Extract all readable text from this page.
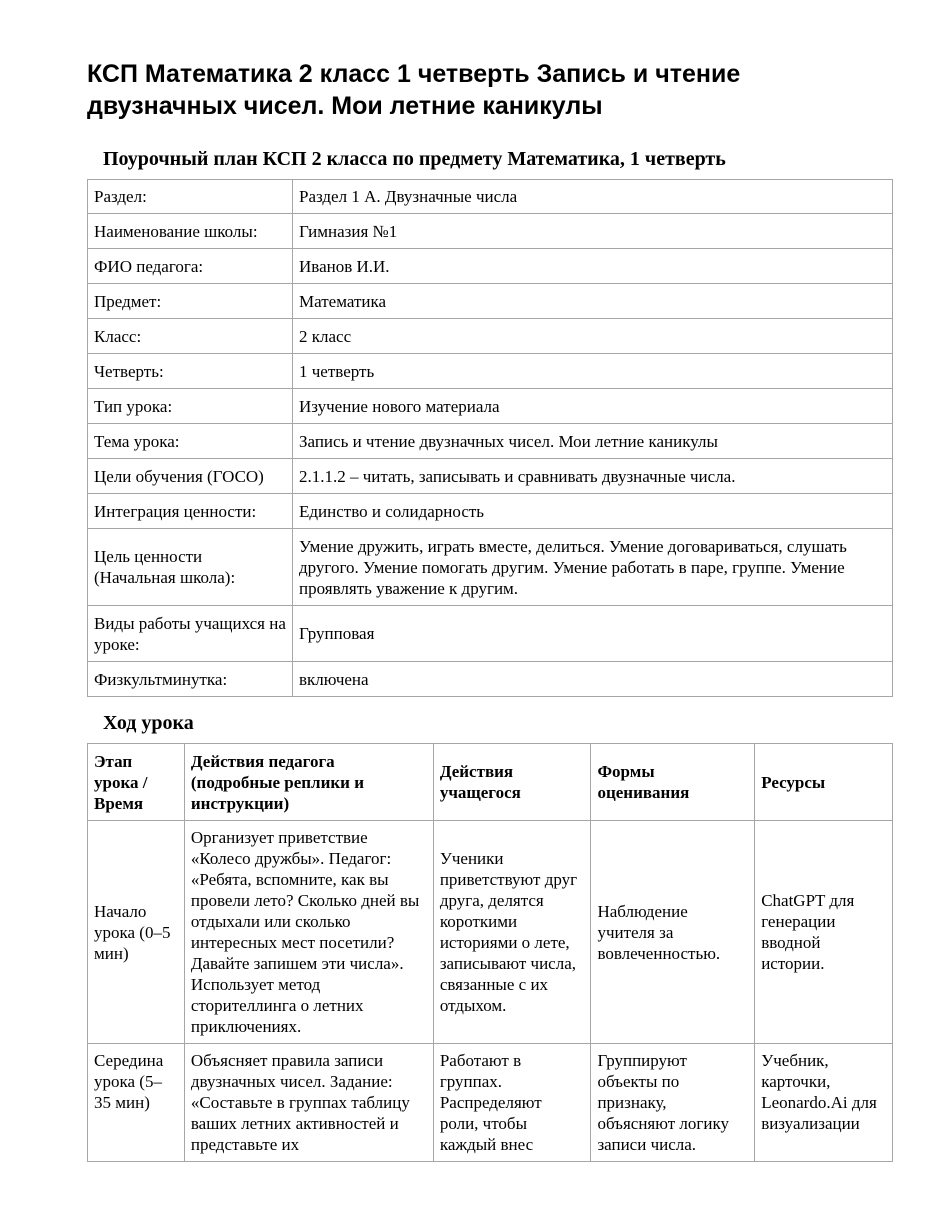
КСП Математика 2 класс 1 четверть Запись и чтение двузначных чисел. Мои летние каникулы
Поурочный план КСП 2 класса по предмету Математика, 1 четверть
Раздел:	Раздел 1 А. Двузначные числа
Наименование школы:	Гимназия №1
ФИО педагога:	Иванов И.И.
Предмет:	Математика
Класс:	2 класс
Четверть:	1 четверть
Тип урока:	Изучение нового материала
Тема урока:	Запись и чтение двузначных чисел. Мои летние каникулы
Цели обучения (ГОСО)	2.1.1.2 – читать, записывать и сравнивать двузначные числа.
Интеграция ценности:	Единство и солидарность
Цель ценности (Начальная школа):	Умение дружить, играть вместе, делиться. Умение договариваться, слушать другого. Умение помогать другим. Умение работать в паре, группе. Умение проявлять уважение к другим.
Виды работы учащихся на уроке:	Групповая
Физкультминутка:	включена
Ход урока
Этап урока / Время	Действия педагога (подробные реплики и инструкции)	Действия учащегося	Формы оценивания	Ресурсы
Начало урока (0–5 мин)	Организует приветствие «Колесо дружбы». Педагог: «Ребята, вспомните, как вы провели лето? Сколько дней вы отдыхали или сколько интересных мест посетили? Давайте запишем эти числа». Использует метод сторителлинга о летних приключениях.	Ученики приветствуют друг друга, делятся короткими историями о лете, записывают числа, связанные с их отдыхом.	Наблюдение учителя за вовлеченностью.	ChatGPT для генерации вводной истории.

Середина урока (5–35 мин)	Объясняет правила записи двузначных чисел. Задание: «Составьте в группах таблицу ваших летних активностей и представьте их	Работают в группах. Распределяют роли, чтобы каждый внес	Группируют объекты по признаку, объясняют логику записи числа.	Учебник, карточки, Leonardo.Ai для визуализации
